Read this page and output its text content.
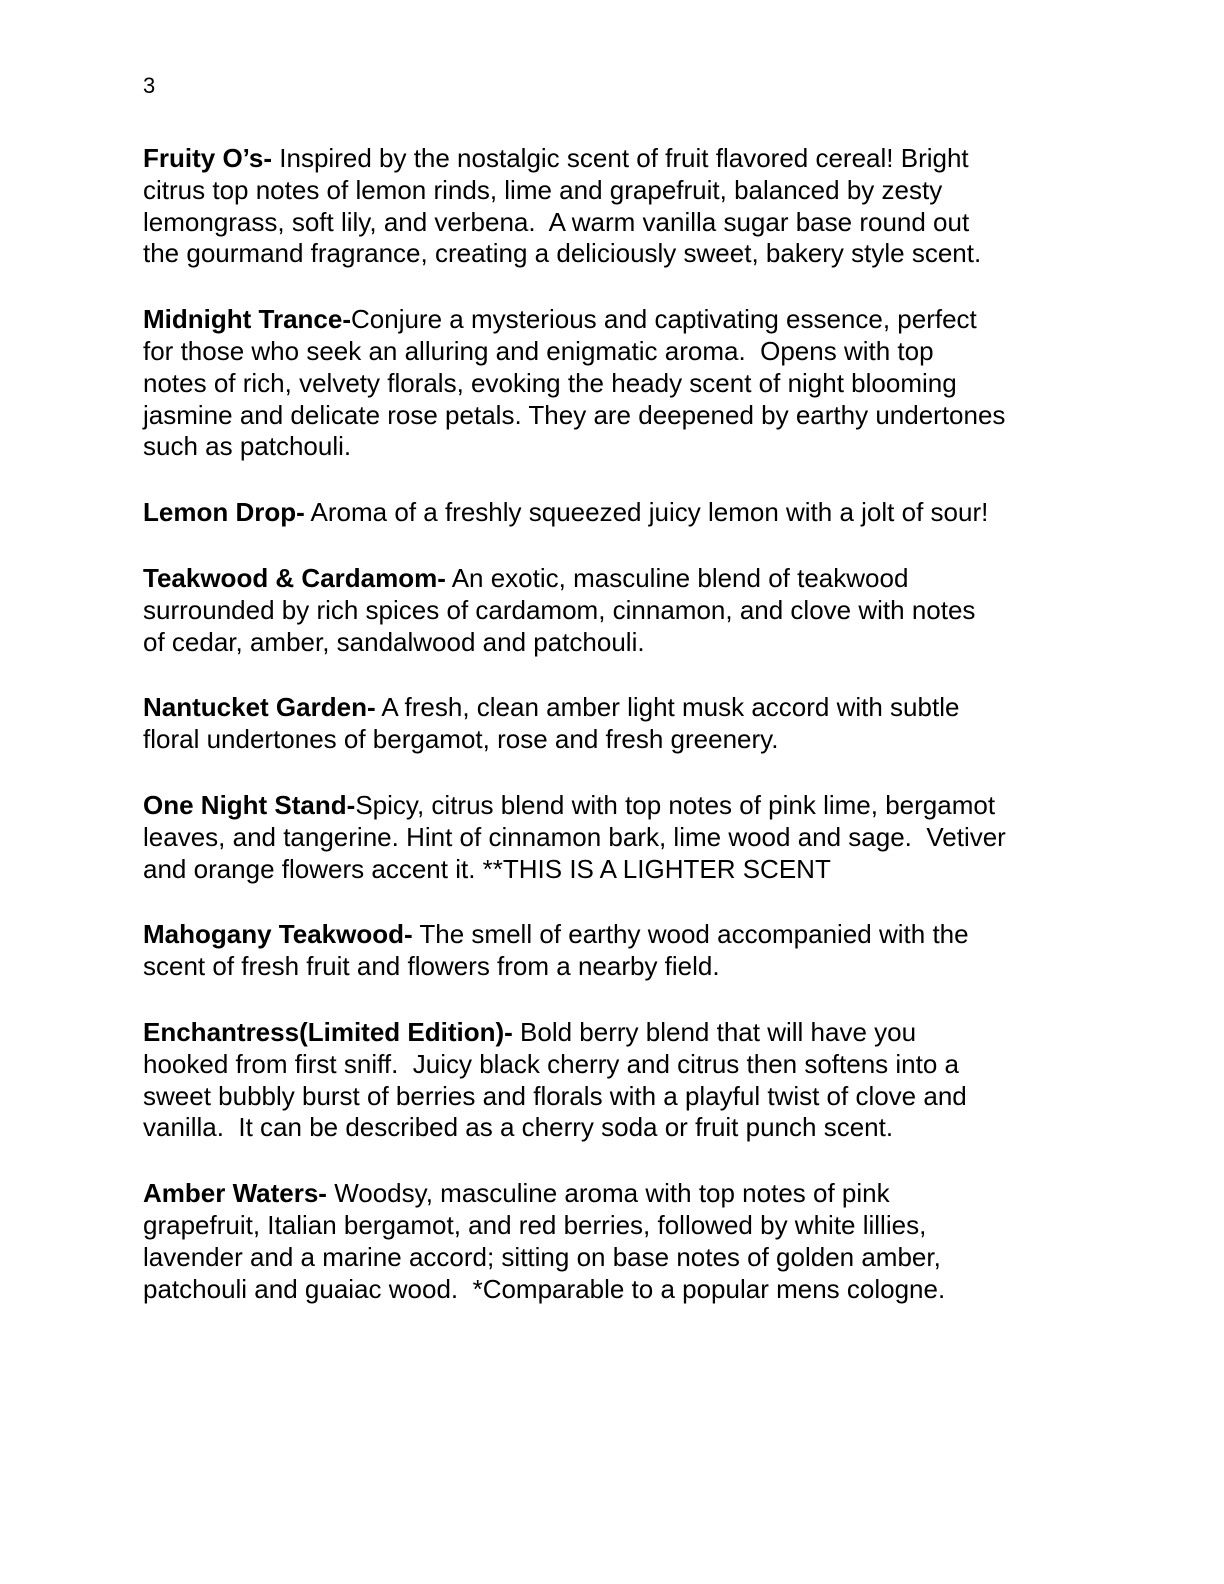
3

Fruity O’s- Inspired by the nostalgic scent of fruit flavored cereal! Bright
citrus top notes of lemon rinds, lime and grapefruit, balanced by zesty
lemongrass, soft lily, and verbena.  A warm vanilla sugar base round out
the gourmand fragrance, creating a deliciously sweet, bakery style scent.

Midnight Trance-Conjure a mysterious and captivating essence, perfect
for those who seek an alluring and enigmatic aroma.  Opens with top
notes of rich, velvety florals, evoking the heady scent of night blooming
jasmine and delicate rose petals. They are deepened by earthy undertones
such as patchouli.

Lemon Drop- Aroma of a freshly squeezed juicy lemon with a jolt of sour!

Teakwood & Cardamom- An exotic, masculine blend of teakwood
surrounded by rich spices of cardamom, cinnamon, and clove with notes
of cedar, amber, sandalwood and patchouli.

Nantucket Garden- A fresh, clean amber light musk accord with subtle
floral undertones of bergamot, rose and fresh greenery.

One Night Stand-Spicy, citrus blend with top notes of pink lime, bergamot
leaves, and tangerine. Hint of cinnamon bark, lime wood and sage.  Vetiver
and orange flowers accent it. **THIS IS A LIGHTER SCENT

Mahogany Teakwood- The smell of earthy wood accompanied with the
scent of fresh fruit and flowers from a nearby field.

Enchantress(Limited Edition)- Bold berry blend that will have you
hooked from first sniff.  Juicy black cherry and citrus then softens into a
sweet bubbly burst of berries and florals with a playful twist of clove and
vanilla.  It can be described as a cherry soda or fruit punch scent.

Amber Waters- Woodsy, masculine aroma with top notes of pink
grapefruit, Italian bergamot, and red berries, followed by white lillies,
lavender and a marine accord; sitting on base notes of golden amber,
patchouli and guaiac wood.  *Comparable to a popular mens cologne.
